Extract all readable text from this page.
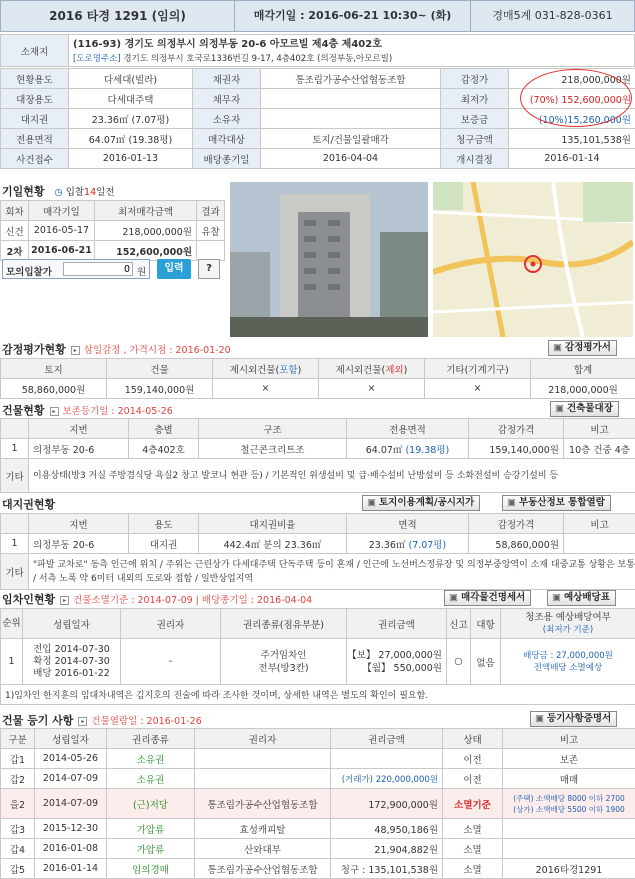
2016 타경 1291 (임의)	매각기일 : 2016-06-21 10:30~ (화)	경매5계 031-828-0361
소재지	(116-93) 경기도 의정부시 의정부동 20-6 아모르빌 제4층 제402호
[도로명주소] 경기도 의정부시 호국로1336번길 9-17, 4층402호 (의정부동,아모르빌)
현황용도	다세대(빌라)	채권자	통조림가공수산업협동조합	감정가	218,000,000원
대장용도	다세대주택	채무자		최저가	(70%) 152,600,000원
대지권	23.36㎡ (7.07평)	소유자		보증금	(10%)15,260,000원
전용면적	64.07㎡ (19.38평)	매각대상	토지/건물일괄매각	청구금액	135,101,538원
사건접수	2016-01-13	배당종기일	2016-04-04	개시결정	2016-01-14
기일현황 ◷ 입찰14일전
회차	매각기일	최저매각금액	결과
신건	2016-05-17	218,000,000원	유찰
2차	2016-06-21	152,600,000원	
모의입찰가
0	원	입력	?
감정평가현황 ▸ 삼일감정 , 가격시점 : 2016-01-20	▣ 감정평가서
토지	건물	제시외건물(포함)	제시외건물(제외)	기타(기계기구)	합계
58,860,000원	159,140,000원	×	×	×	218,000,000원
건물현황 ▸ 보존등기일 : 2014-05-26	▣ 건축물대장
	지번	층별	구조	전용면적	감정가격	비고
1	의정부동 20-6	4층402호	철근콘크리트조	64.07㎡ (19.38평)	159,140,000원	10층 건중 4층
기타	이용상태(방3 거실 주방겸식당 욕실2 창고 발코니 현관 등) / 기본적인 위생설비 및 급·배수설비 난방설비 등 소화전설비 승강기설비 등					
대지권현황	▣ 토지이용계획/공시지가	▣ 부동산정보 통합열람
	지번	용도	대지권비율	면적	감정가격	비고
1	의정부동 20-6	대지권	442.4㎡ 분의 23.36㎡	23.36㎡ (7.07평)	58,860,000원	
기타	"파발 교차로" 동측 인근에 위치 / 주위는 근린상가 다세대주택 단독주택 등이 혼재 / 인근에 노선버스정류장 및 의정부중앙역이 소재 대중교통 상황은 보통 / 서측 노폭 약 6미터 내외의 도로와 접함 / 일반상업지역					
임차인현황 ▸ 건물소멸기준 : 2014-07-09 | 배당종기일 : 2016-04-04	▣ 매각물건명세서	▣ 예상배당표
순위	성립일자	권리자	권리종류(점유부분)	권리금액	신고	대항	청조용 예상배당여부
(최저가 기준)
1	전입 2014-07-30
확정 2014-07-30
배당 2016-01-22	-	주거임차인
전부(방3칸)	【보】 27,000,000원
【월】 550,000원	○	없음	배당금 : 27,000,000원
전액배당 소멸예상
1)임차인 한지훈의 임대차내역은 김지호의 진술에 따라 조사한 것이며, 상세한 내역은 별도의 확인이 필요함.							
건물 등기 사항 ▸ 건물열람일 : 2016-01-26	▣ 등기사항증명서
구분	성립일자	권리종류	권리자	권리금액	상태	비고
갑1	2014-05-26	소유권			이전	보존
갑2	2014-07-09	소유권		(거래가) 220,000,000원	이전	매매
을2	2014-07-09	(근)저당	통조림가공수산업협동조합	172,900,000원	소멸기준	(주택) 소액배당 8000 이하 2700
(상가) 소액배당 5500 이하 1900
갑3	2015-12-30	가압류	효성캐피탈	48,950,186원	소멸	
갑4	2016-01-08	가압류	산와대부	21,904,882원	소멸	
갑5	2016-01-14	임의경매	통조림가공수산업협동조합	청구 : 135,101,538원	소멸	2016타경1291
